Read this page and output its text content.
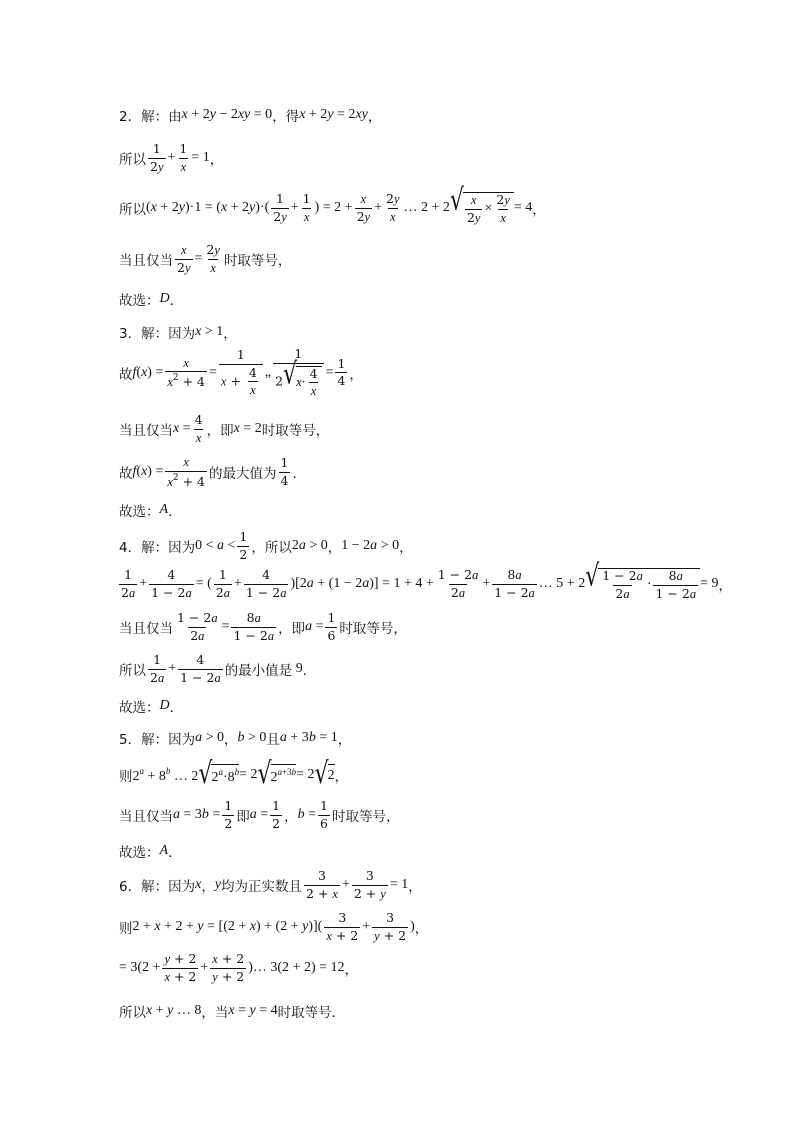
2．解：由 x + 2y − 2xy = 0 ，得 x + 2y = 2xy ，
所以 $\frac{1}{2y} + \frac{1}{x} = 1$ ，
所以 $(x + 2y)\cdot 1 = (x + 2y)\cdot( \frac{1}{2y} + \frac{1}{x}$ ) = $2 + \frac{x}{2y} + \frac{2y}{x}$ … 2 + 2 √ $\frac{x}{2y} \times \frac{2y}{x} = 4$ ，
当且仅当 $\frac{x}{2y} = \frac{2y}{x}$ 时取等号，
故选： D ．
3．解：因为 x > 1 ，
故 $f(x) = \frac{x}{x^2 + 4} = \frac{1}{x + \frac{4}{x}}$ „ $\frac{1}{2 √ x \cdot \frac{4}{x}} = \frac{1}{4}$ ，
当且仅当 $x = \frac{4}{x}$ ，即 x = 2 时取等号，
故 $f(x) = \frac{x}{x^2 + 4}$ 的最大值为 $\frac{1}{4}$ ．
故选： A ．
4．解：因为 $0 < a < \frac{1}{2}$ ，所以 2a > 0 ， 1 − 2a > 0 ，
$\frac{1}{2a} + \frac{4}{1 - 2a}$ = ( $\frac{1}{2a} + \frac{4}{1 - 2a} )[2a + (1 - 2a)] = 1 + 4 + \frac{1 - 2a}{2a} + \frac{8a}{1 - 2a}$ … 5 + 2 √ $\frac{1 - 2a}{2a} \cdot \frac{8a}{1 - 2a} = 9$ ，
当且仅当 $\frac{1 - 2a}{2a} = \frac{8a}{1 - 2a}$ ，即 $a = \frac{1}{6}$ 时取等号，
所以 $\frac{1}{2a} + \frac{4}{1 - 2a}$ 的最小值是 9 ．
故选： D ．
5．解：因为 a > 0 ， b > 0 且 a + 3b = 1 ，
则 $2^a + 8^b$ … 2 √ $2^a\cdot 8^b = 2$ √ $2^{a+3b} = 2$ √ 2 ，
当且仅当 $a = 3b = \frac{1}{2}$ 即 $a = \frac{1}{2}$ ， $b = \frac{1}{6}$ 时取等号，
故选： A ．
6．解：因为 x ， y 均为正实数且 $\frac{3}{2 + x} + \frac{3}{2 + y} = 1$ ，
则 $2 + x + 2 + y = [(2 + x) + (2 + y)]( \frac{3}{x + 2} + \frac{3}{y + 2}$ ) ，
= $3(2 + \frac{y + 2}{x + 2} + \frac{x + 2}{y + 2}$ )… 3(2 + 2) = 12 ，
所以 x + y … 8 ，当 x = y = 4 时取等号．
